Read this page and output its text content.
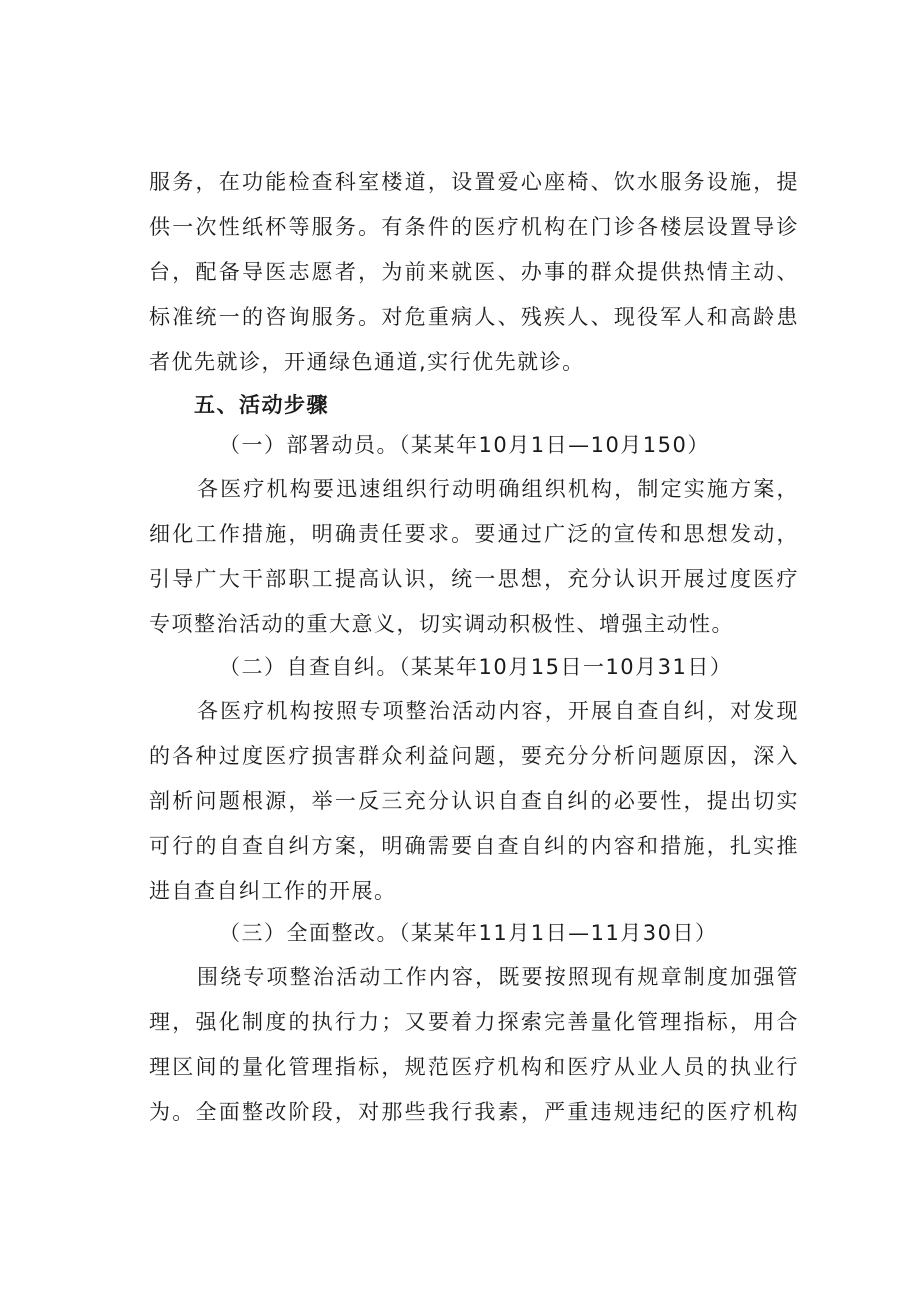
服务，在功能检查科室楼道，设置爱心座椅、饮水服务设施，提
供一次性纸杯等服务。有条件的医疗机构在门诊各楼层设置导诊
台，配备导医志愿者，为前来就医、办事的群众提供热情主动、
标准统一的咨询服务。对危重病人、残疾人、现役军人和高龄患
者优先就诊，开通绿色通道,实行优先就诊。
五、活动步骤
（一）部署动员。（某某年10月1日—10月150）
各医疗机构要迅速组织行动明确组织机构，制定实施方案，
细化工作措施，明确责任要求。要通过广泛的宣传和思想发动，
引导广大干部职工提高认识，统一思想，充分认识开展过度医疗
专项整治活动的重大意义，切实调动积极性、增强主动性。
（二）自查自纠。（某某年10月15日一10月31日）
各医疗机构按照专项整治活动内容，开展自查自纠，对发现
的各种过度医疗损害群众利益问题，要充分分析问题原因，深入
剖析问题根源，举一反三充分认识自查自纠的必要性，提出切实
可行的自查自纠方案，明确需要自查自纠的内容和措施，扎实推
进自查自纠工作的开展。
（三）全面整改。（某某年11月1日—11月30日）
围绕专项整治活动工作内容，既要按照现有规章制度加强管
理，强化制度的执行力；又要着力探索完善量化管理指标，用合
理区间的量化管理指标，规范医疗机构和医疗从业人员的执业行
为。全面整改阶段，对那些我行我素，严重违规违纪的医疗机构
